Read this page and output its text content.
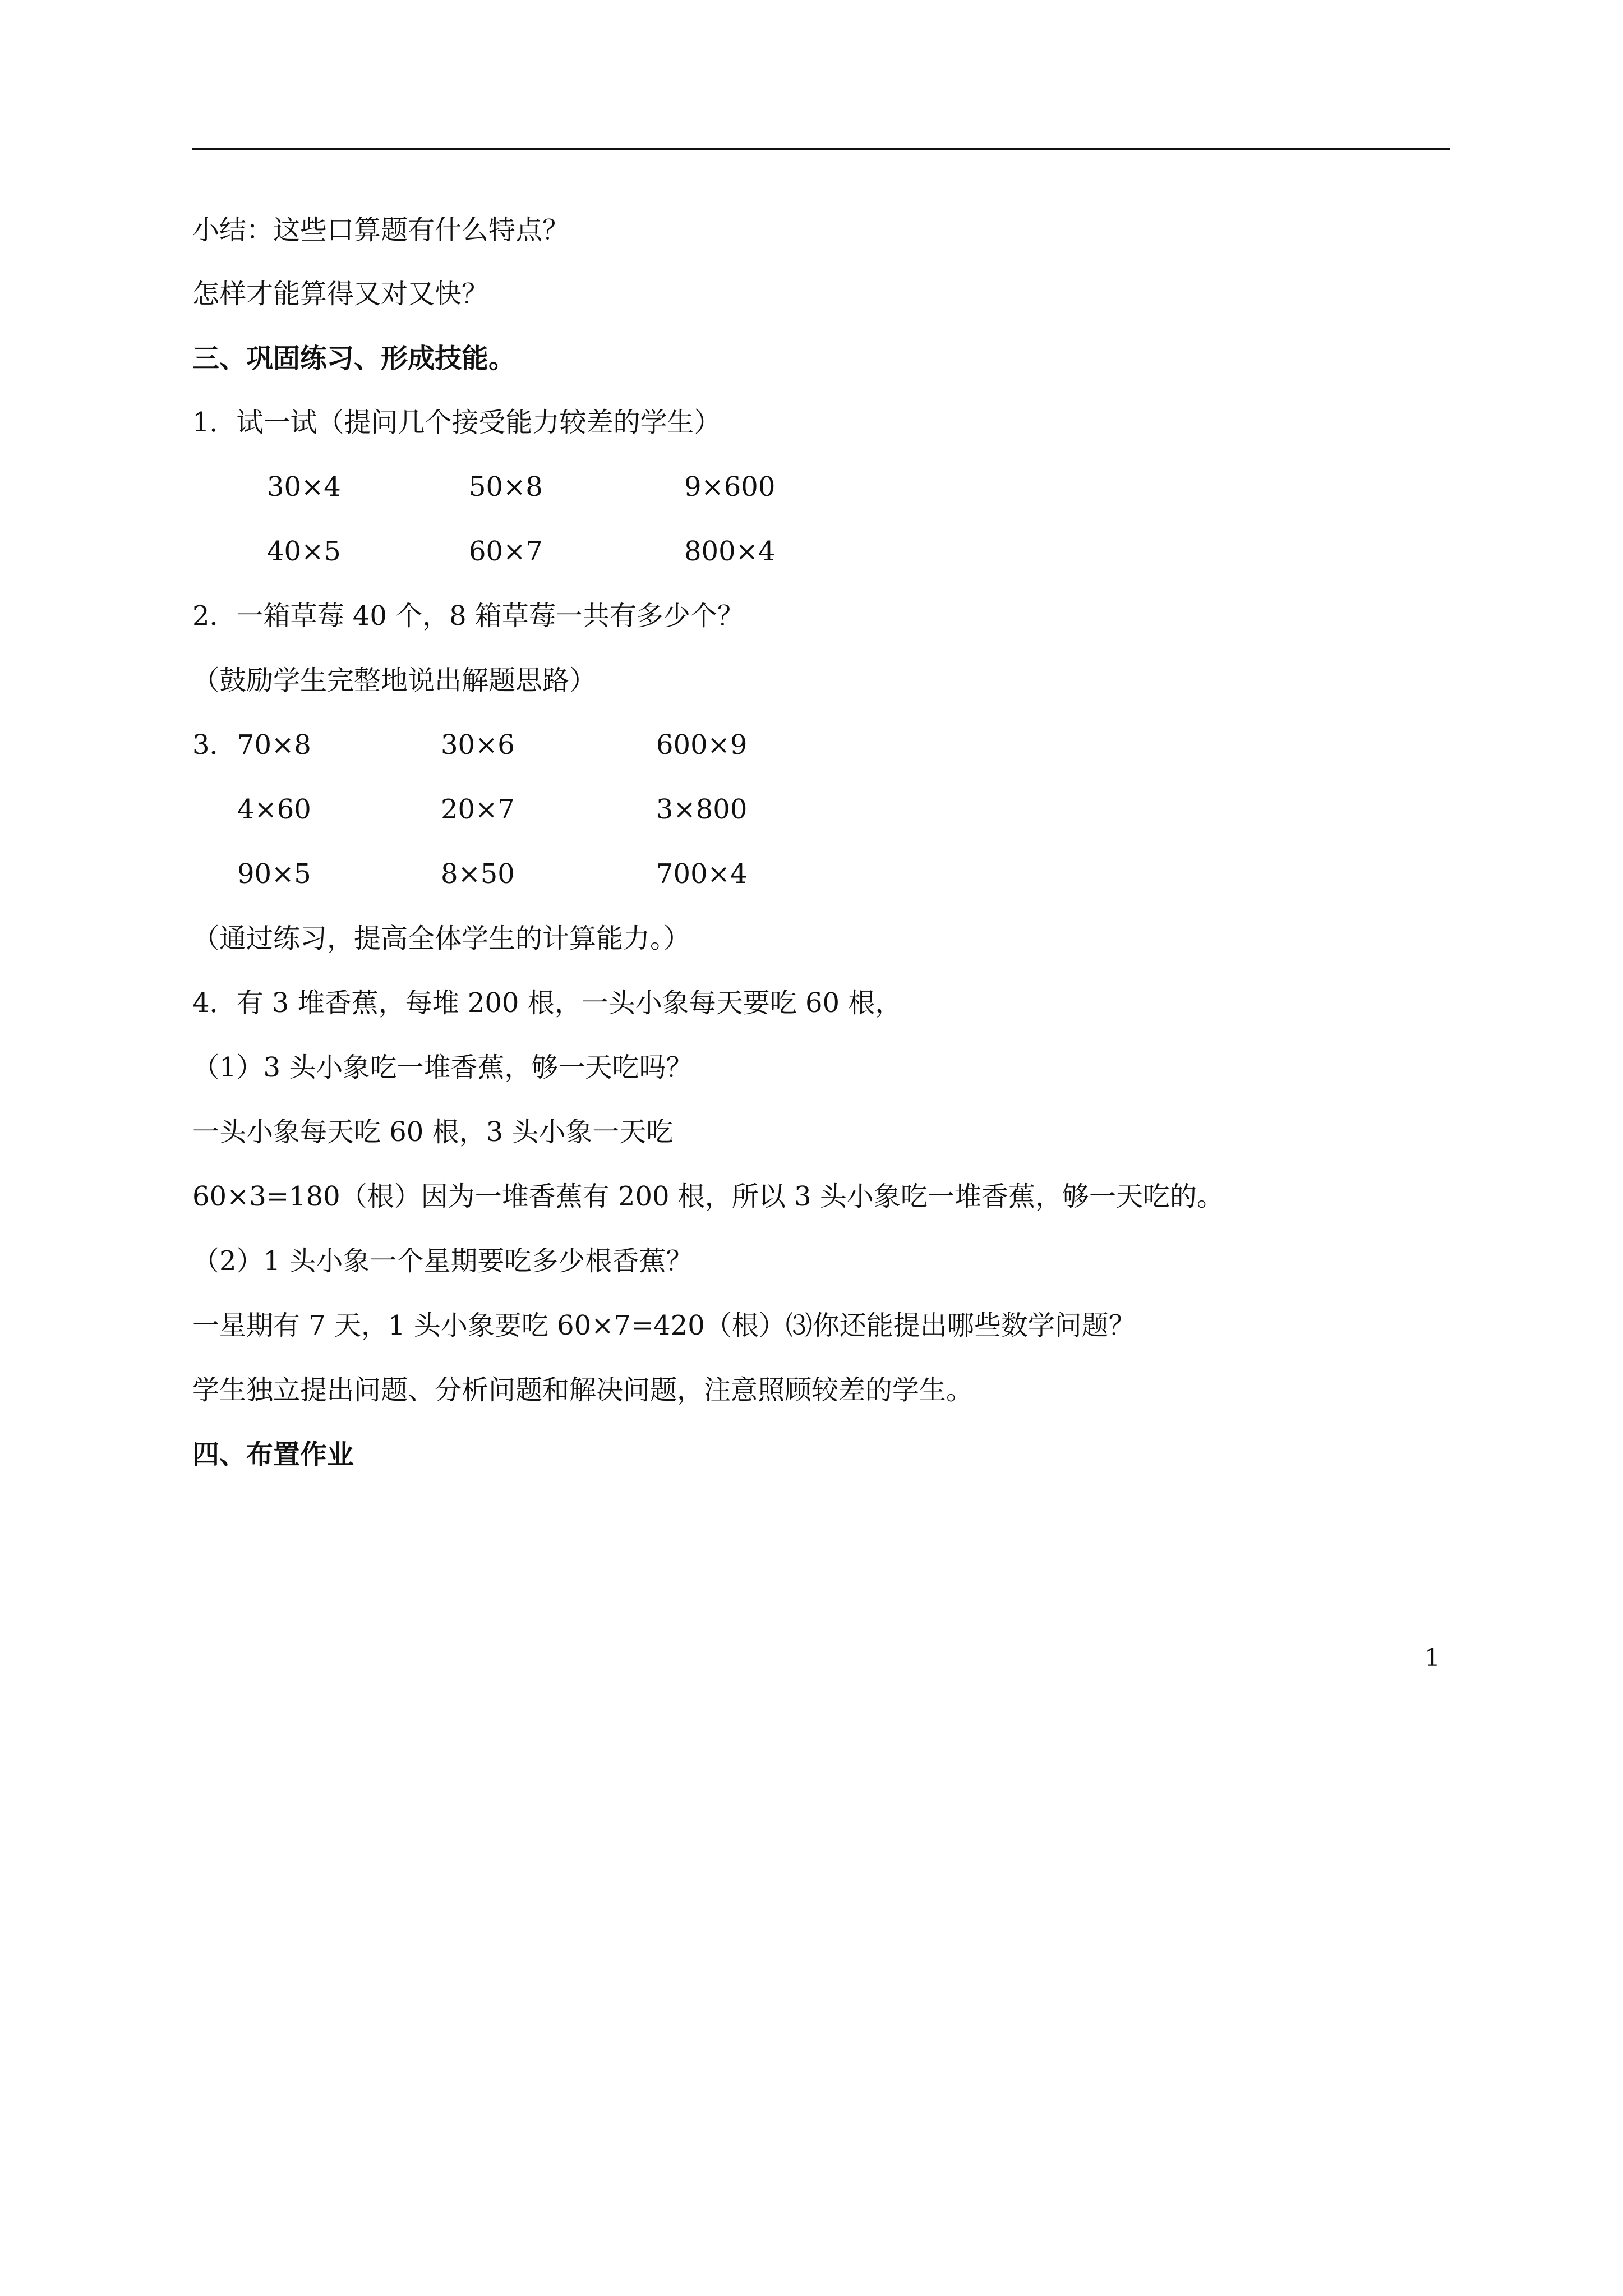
小结：这些口算题有什么特点？
怎样才能算得又对又快？
三、巩固练习、形成技能。
1．试一试（提问几个接受能力较差的学生）
30×4	50×8	9×600
40×5	60×7	800×4
2．一箱草莓 40 个，8 箱草莓一共有多少个？
（鼓励学生完整地说出解题思路）
3． 70×8	30×6	600×9
4×60	20×7	3×800
90×5	8×50	700×4
（通过练习，提高全体学生的计算能力。）
4．有 3 堆香蕉，每堆 200 根，一头小象每天要吃 60 根，
（1）3 头小象吃一堆香蕉，够一天吃吗？
一头小象每天吃 60 根，3 头小象一天吃
60×3=180（根）因为一堆香蕉有 200 根，所以 3 头小象吃一堆香蕉，够一天吃的。
（2）1 头小象一个星期要吃多少根香蕉？
一星期有 7 天，1 头小象要吃 60×7=420（根）⑶你还能提出哪些数学问题？
学生独立提出问题、分析问题和解决问题，注意照顾较差的学生。
四、布置作业
1
